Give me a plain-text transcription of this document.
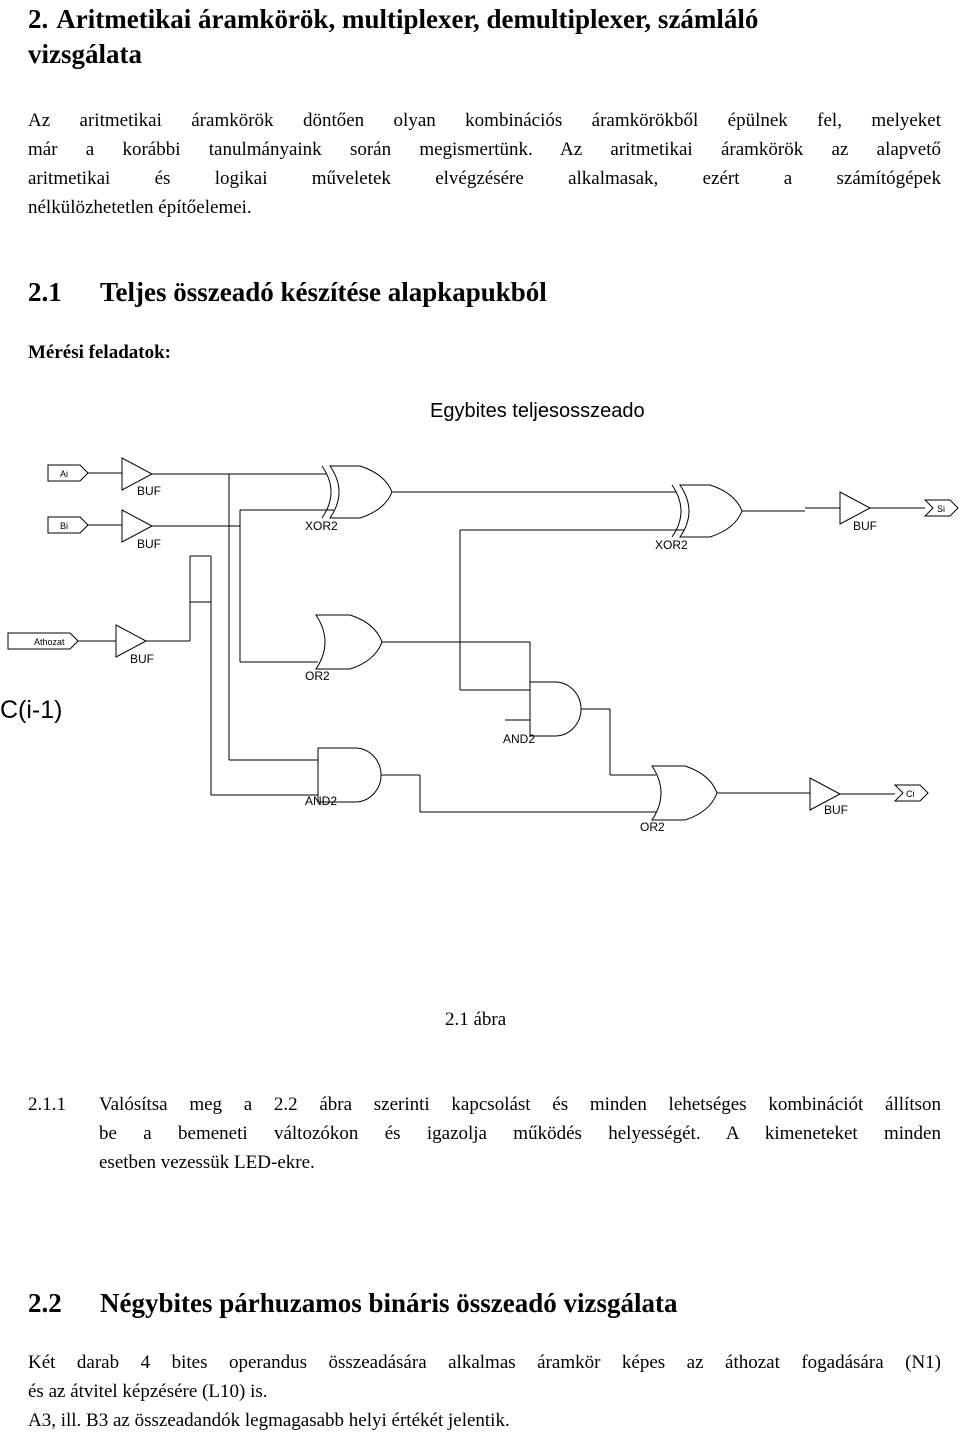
2. Aritmetikai áramkörök, multiplexer, demultiplexer, számláló
vizsgálata
Az aritmetikai áramkörök döntően olyan kombinációs áramkörökből épülnek fel, melyeket
már a korábbi tanulmányaink során megismertünk. Az aritmetikai áramkörök az alapvető
aritmetikai és logikai műveletek elvégzésére alkalmasak, ezért a számítógépek
nélkülözhetetlen építőelemei.
2.1 Teljes összeadó készítése alapkapukból
Mérési feladatok:
Egybites teljesosszeado
Ai
Bi
Athozat
Si
Ci
C(i-1)
BUF
BUF
BUF
XOR2
XOR2
BUF
OR2
AND2
AND2
OR2
BUF
2.1 ábra
2.1.1 Valósítsa meg a 2.2 ábra szerinti kapcsolást és minden lehetséges kombinációt állítson
be a bemeneti változókon és igazolja működés helyességét. A kimeneteket minden
esetben vezessük LED-ekre.
2.2 Négybites párhuzamos bináris összeadó vizsgálata
Két darab 4 bites operandus összeadására alkalmas áramkör képes az áthozat fogadására (N1)
és az átvitel képzésére (L10) is.
A3, ill. B3 az összeadandók legmagasabb helyi értékét jelentik.
